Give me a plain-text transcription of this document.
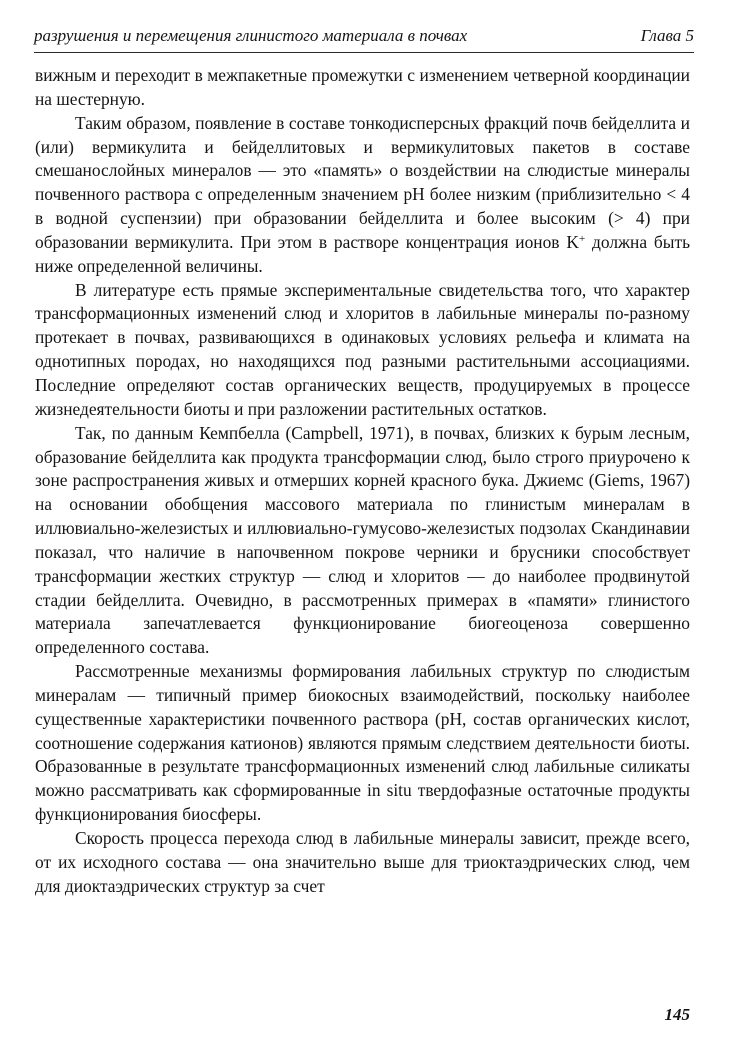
разрушения и перемещения глинистого материала в почвах	Глава 5

вижным и переходит в межпакетные промежутки с изменением четверной координации на шестерную.

Таким образом, появление в составе тонкодисперсных фракций почв бейделлита и (или) вермикулита и бейделлитовых и вермикулитовых пакетов в составе смешанослойных минералов — это «память» о воздействии на слюдистые минералы почвенного раствора с определенным значением pH более низким (приблизительно < 4 в водной суспензии) при образовании бейделлита и более высоким (> 4) при образовании вермикулита. При этом в растворе концентрация ионов K+ должна быть ниже определенной величины.

В литературе есть прямые экспериментальные свидетельства того, что характер трансформационных изменений слюд и хлоритов в лабильные минералы по-разному протекает в почвах, развивающихся в одинаковых условиях рельефа и климата на однотипных породах, но находящихся под разными растительными ассоциациями. Последние определяют состав органических веществ, продуцируемых в процессе жизнедеятельности биоты и при разложении растительных остатков.

Так, по данным Кемпбелла (Campbell, 1971), в почвах, близких к бурым лесным, образование бейделлита как продукта трансформации слюд, было строго приурочено к зоне распространения живых и отмерших корней красного бука. Джиемс (Giems, 1967) на основании обобщения массового материала по глинистым минералам в иллювиально-железистых и иллювиально-гумусово-железистых подзолах Скандинавии показал, что наличие в напочвенном покрове черники и брусники способствует трансформации жестких структур — слюд и хлоритов — до наиболее продвинутой стадии бейделлита. Очевидно, в рассмотренных примерах в «памяти» глинистого материала запечатлевается функционирование биогеоценоза совершенно определенного состава.

Рассмотренные механизмы формирования лабильных структур по слюдистым минералам — типичный пример биокосных взаимодействий, поскольку наиболее существенные характеристики почвенного раствора (pH, состав органических кислот, соотношение содержания катионов) являются прямым следствием деятельности биоты. Образованные в результате трансформационных изменений слюд лабильные силикаты можно рассматривать как сформированные in situ твердофазные остаточные продукты функционирования биосферы.

Скорость процесса перехода слюд в лабильные минералы зависит, прежде всего, от их исходного состава — она значительно выше для триоктаэдрических слюд, чем для диоктаэдрических структур за счет

145
